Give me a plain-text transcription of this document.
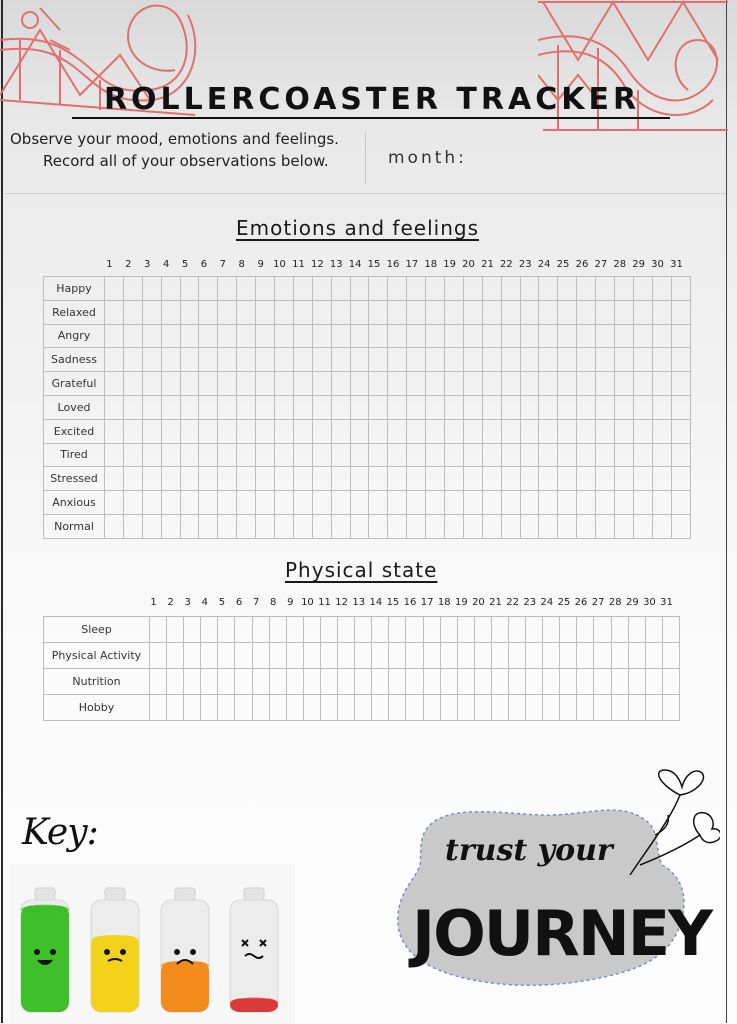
ROLLERCOASTER TRACKER
Observe your mood, emotions and feelings.
Record all of your observations below.	month:
Emotions and feelings
1	2	3	4	5	6	7	8	9 10 11 12 13 14 15 16 17 18 19 20 21 22 23 24 25 26 27 28 29 30 31
Happy																															
Relaxed																															
Angry																															
Sadness																															
Grateful																															
Loved																															
Excited																															
Tired																															
Stressed																															
Anxious																															
Normal																															
Physical state
1	2	3	4	5	6	7	8	9 10 11 12 13 14 15 16 17 18 19 20 21 22 23 24 25 26 27 28 29 30 31
Sleep																															
Physical Activity																															
Nutrition																															
Hobby																															
Key:	trust your
JOURNEY
